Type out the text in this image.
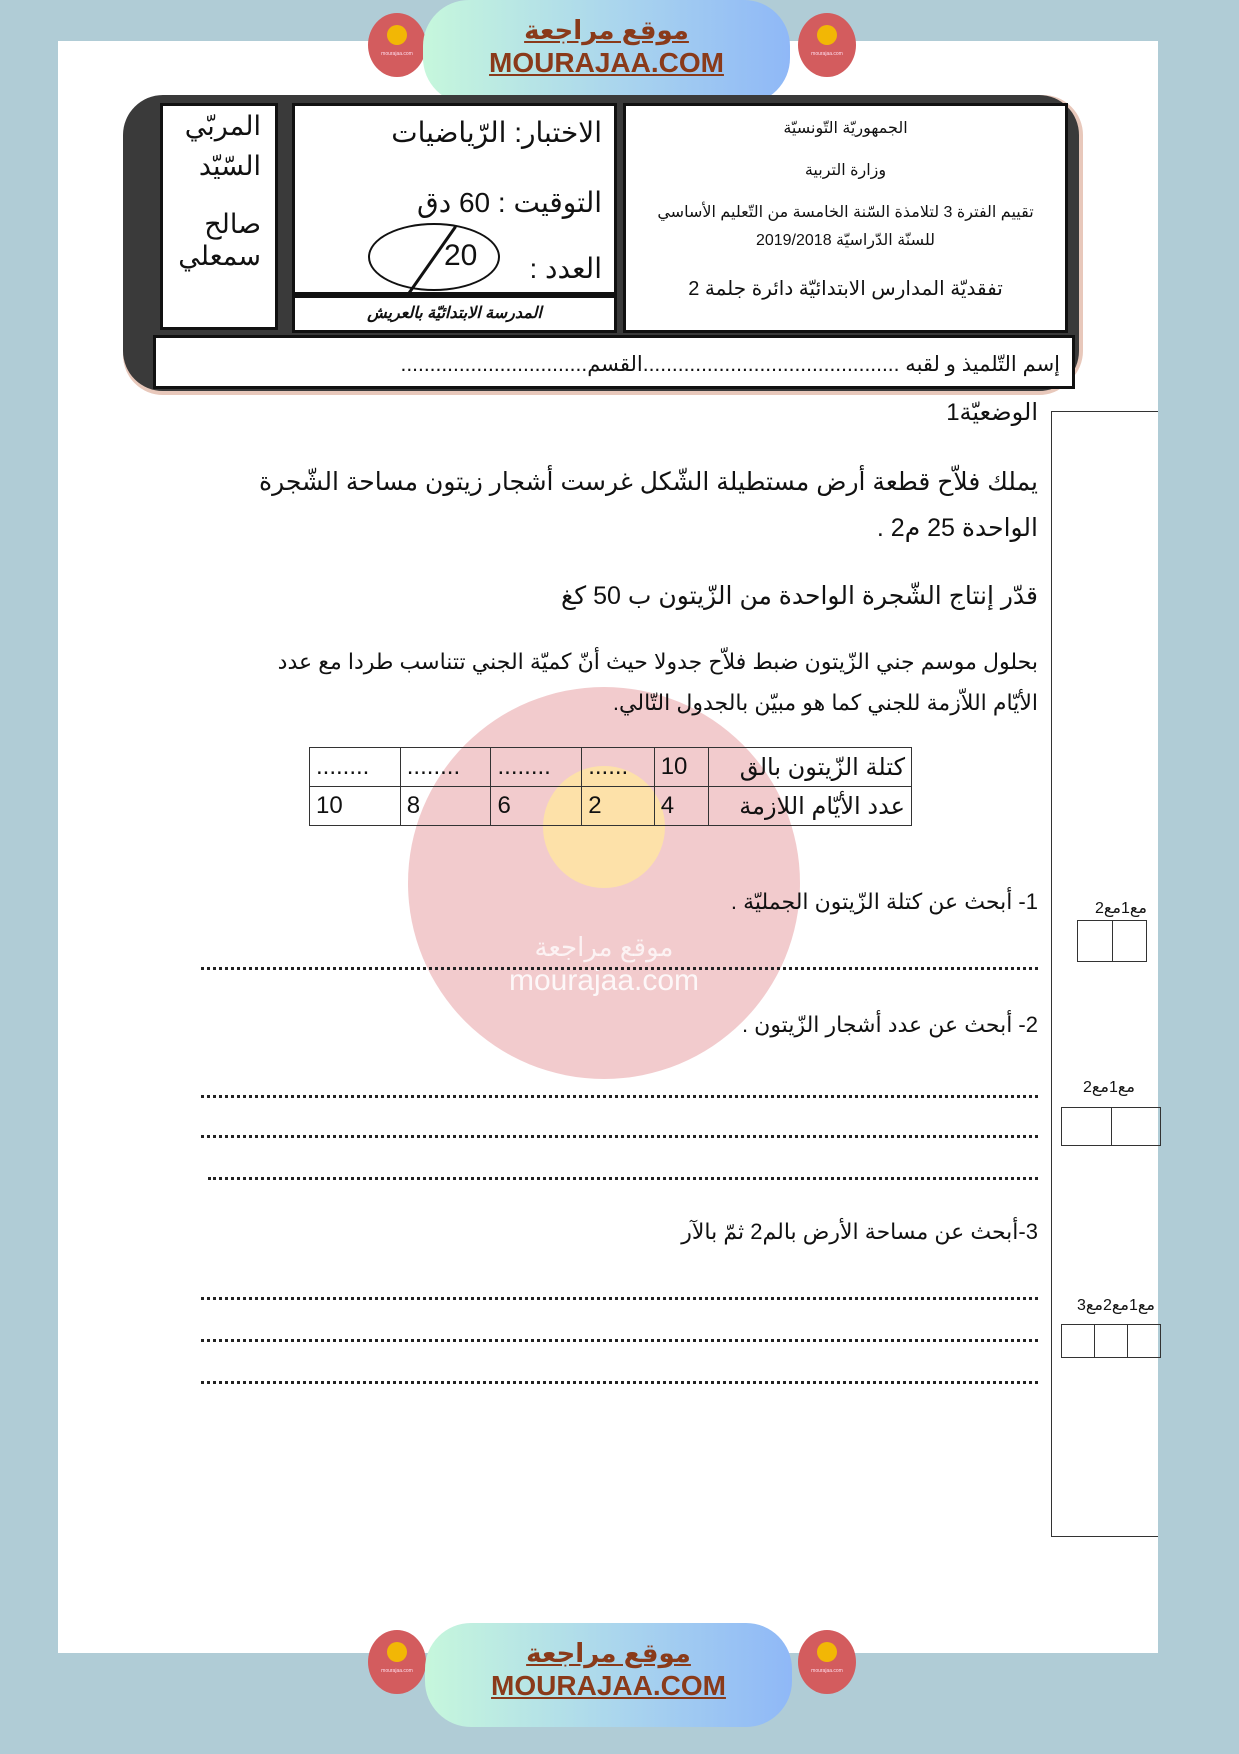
mourajaa.com
موقع مراجعة
MOURAJAA.COM	mourajaa.com
المربّي
السّيّد
صالح
سمعلي
الاختبار: الرّياضيات
التوقيت : 60 دق
العدد :
20
المدرسة الابتدائيّة بالعريش
الجمهوريّة التّونسيّة
وزارة التربية
تقييم الفترة 3 لتلامذة السّنة الخامسة من التّعليم الأساسي
للسنّة الدّراسيّة 2019/2018
تفقديّة المدارس الابتدائيّة دائرة جلمة 2
إسم التّلميذ و لقبه ............................................القسم................................
موقع مراجعة
mourajaa.com
الوضعيّة1
يملك فلاّح قطعة أرض مستطيلة الشّكل غرست أشجار زيتون مساحة الشّجرة
الواحدة 25 م2 .
قدّر إنتاج الشّجرة الواحدة من الزّيتون ب 50 كغ
بحلول موسم جني الزّيتون ضبط فلاّح جدولا حيث أنّ كميّة الجني تتناسب طردا مع عدد
الأيّام اللاّزمة للجني كما هو مبيّن بالجدول التّالي.
كتلة الزّيتون بالق	10	......	........	........	........
عدد الأيّام اللازمة	4	2	6	8	10
1- أبحث عن كتلة الزّيتون الجمليّة .
2- أبحث عن عدد أشجار الزّيتون .
3-أبحث عن مساحة الأرض بالم2 ثمّ بالآر
مع1مع2
مع1مع2
مع1مع2مع3
mourajaa.com
موقع مراجعة
MOURAJAA.COM	mourajaa.com
